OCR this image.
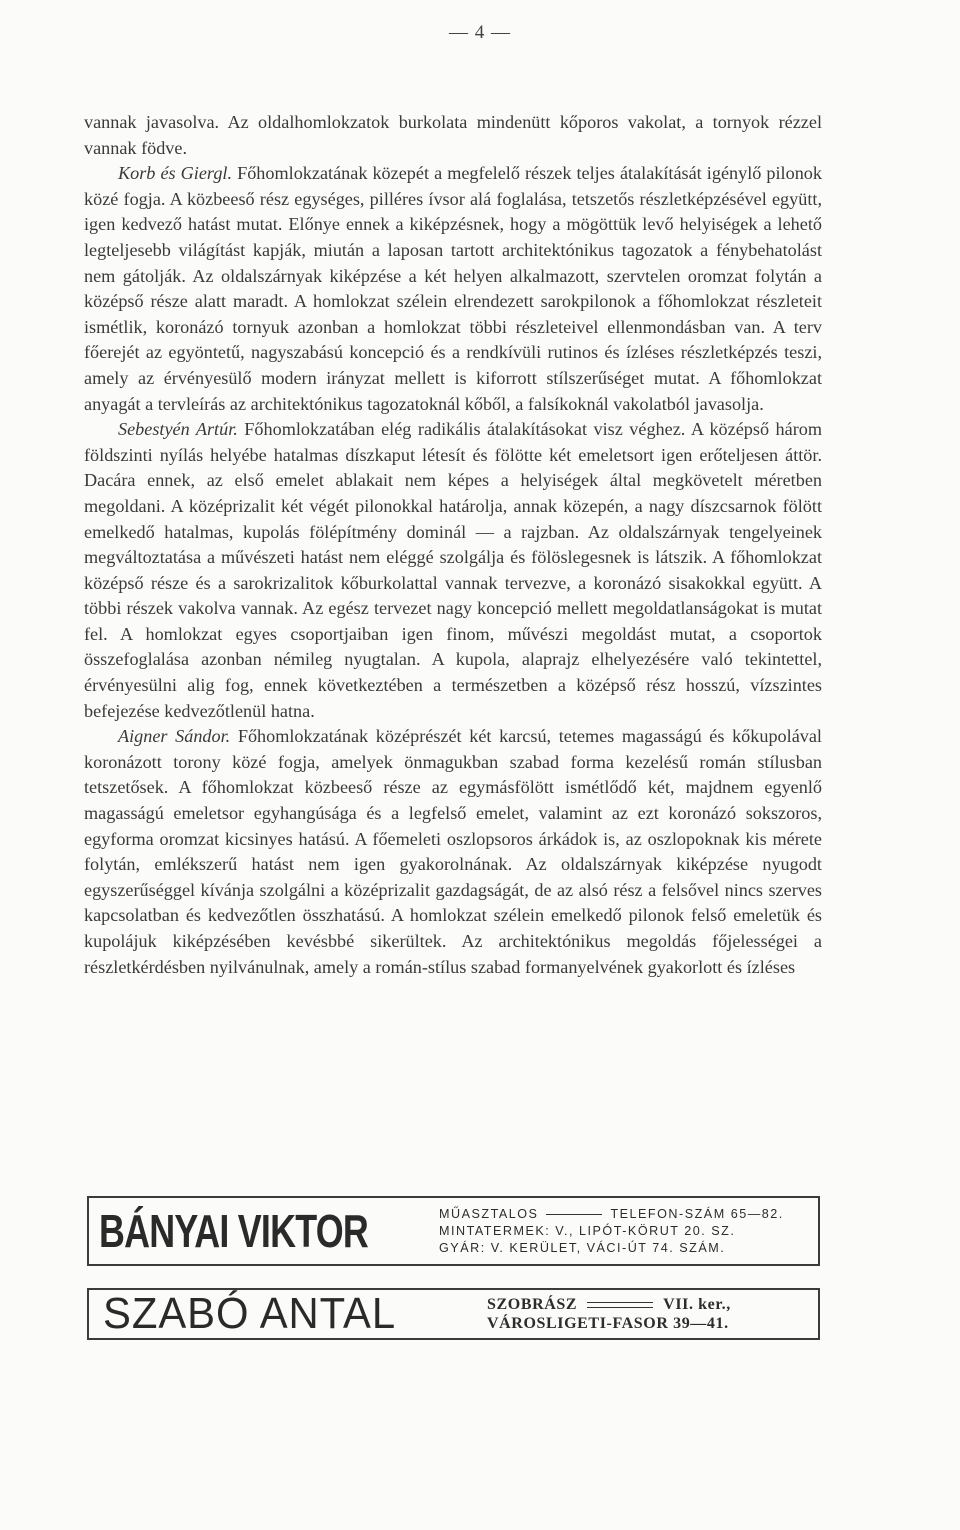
— 4 —

vannak javasolva. Az oldalhomlokzatok burkolata mindenütt kőporos vakolat, a tornyok rézzel vannak födve.

Korb és Giergl. Főhomlokzatának közepét a megfelelő részek teljes átalakítását igénylő pilonok közé fogja. A közbeeső rész egységes, pilléres ívsor alá foglalása, tetszetős részletképzésével együtt, igen kedvező hatást mutat. Előnye ennek a kiképzésnek, hogy a mögöttük levő helyiségek a lehető legteljesebb világítást kapják, miután a laposan tartott architektónikus tagozatok a fénybehatolást nem gátolják. Az oldalszárnyak kiképzése a két helyen alkalmazott, szervtelen oromzat folytán a középső része alatt maradt. A homlokzat szélein elrendezett sarokpilonok a főhomlokzat részleteit ismétlik, koronázó tornyuk azonban a homlokzat többi részleteivel ellenmondásban van. A terv főerejét az egyöntetű, nagyszabású koncepció és a rendkívüli rutinos és ízléses részletképzés teszi, amely az érvényesülő modern irányzat mellett is kiforrott stílszerűséget mutat. A főhomlokzat anyagát a tervleírás az architektónikus tagozatoknál kőből, a falsíkoknál vakolatból javasolja.

Sebestyén Artúr. Főhomlokzatában elég radikális átalakításokat visz véghez. A középső három földszinti nyílás helyébe hatalmas díszkaput létesít és fölötte két emeletsort igen erőteljesen áttör. Dacára ennek, az első emelet ablakait nem képes a helyiségek által megkövetelt méretben megoldani. A középrizalit két végét pilonokkal határolja, annak közepén, a nagy díszcsarnok fölött emelkedő hatalmas, kupolás fölépítmény dominál — a rajzban. Az oldalszárnyak tengelyeinek megváltoztatása a művészeti hatást nem eléggé szolgálja és fölöslegesnek is látszik. A főhomlokzat középső része és a sarokrizalitok kőburkolattal vannak tervezve, a koronázó sisakokkal együtt. A többi részek vakolva vannak. Az egész tervezet nagy koncepció mellett megoldatlanságokat is mutat fel. A homlokzat egyes csoportjaiban igen finom, művészi megoldást mutat, a csoportok összefoglalása azonban némileg nyugtalan. A kupola, alaprajz elhelyezésére való tekintettel, érvényesülni alig fog, ennek következtében a természetben a középső rész hosszú, vízszintes befejezése kedvezőtlenül hatna.

Aigner Sándor. Főhomlokzatának középrészét két karcsú, tetemes magasságú és kőkupolával koronázott torony közé fogja, amelyek önmagukban szabad forma kezelésű román stílusban tetszetősek. A főhomlokzat közbeeső része az egymásfölött ismétlődő két, majdnem egyenlő magasságú emeletsor egyhangúsága és a legfelső emelet, valamint az ezt koronázó sokszoros, egyforma oromzat kicsinyes hatású. A főemeleti oszlopsoros árkádok is, az oszlopoknak kis mérete folytán, emlékszerű hatást nem igen gyakorolnának. Az oldalszárnyak kiképzése nyugodt egyszerűséggel kívánja szolgálni a középrizalit gazdagságát, de az alsó rész a felsővel nincs szerves kapcsolatban és kedvezőtlen összhatású. A homlokzat szélein emelkedő pilonok felső emeletük és kupolájuk kiképzésében kevésbbé sikerültek. Az architektónikus megoldás főjelességei a részletkérdésben nyilvánulnak, amely a román-stílus szabad formanyelvének gyakorlott és ízléses

BÁNYAI VIKTOR	MŰASZTALOS	TELEFON-SZÁM 65—82.
MINTATERMEK: V., LIPÓT-KÖRUT 20. SZ.
GYÁR: V. KERÜLET, VÁCI-ÚT 74. SZÁM.
SZABÓ ANTAL	SZOBRÁSZ	VII. ker.,
VÁROSLIGETI-FASOR 39—41.
